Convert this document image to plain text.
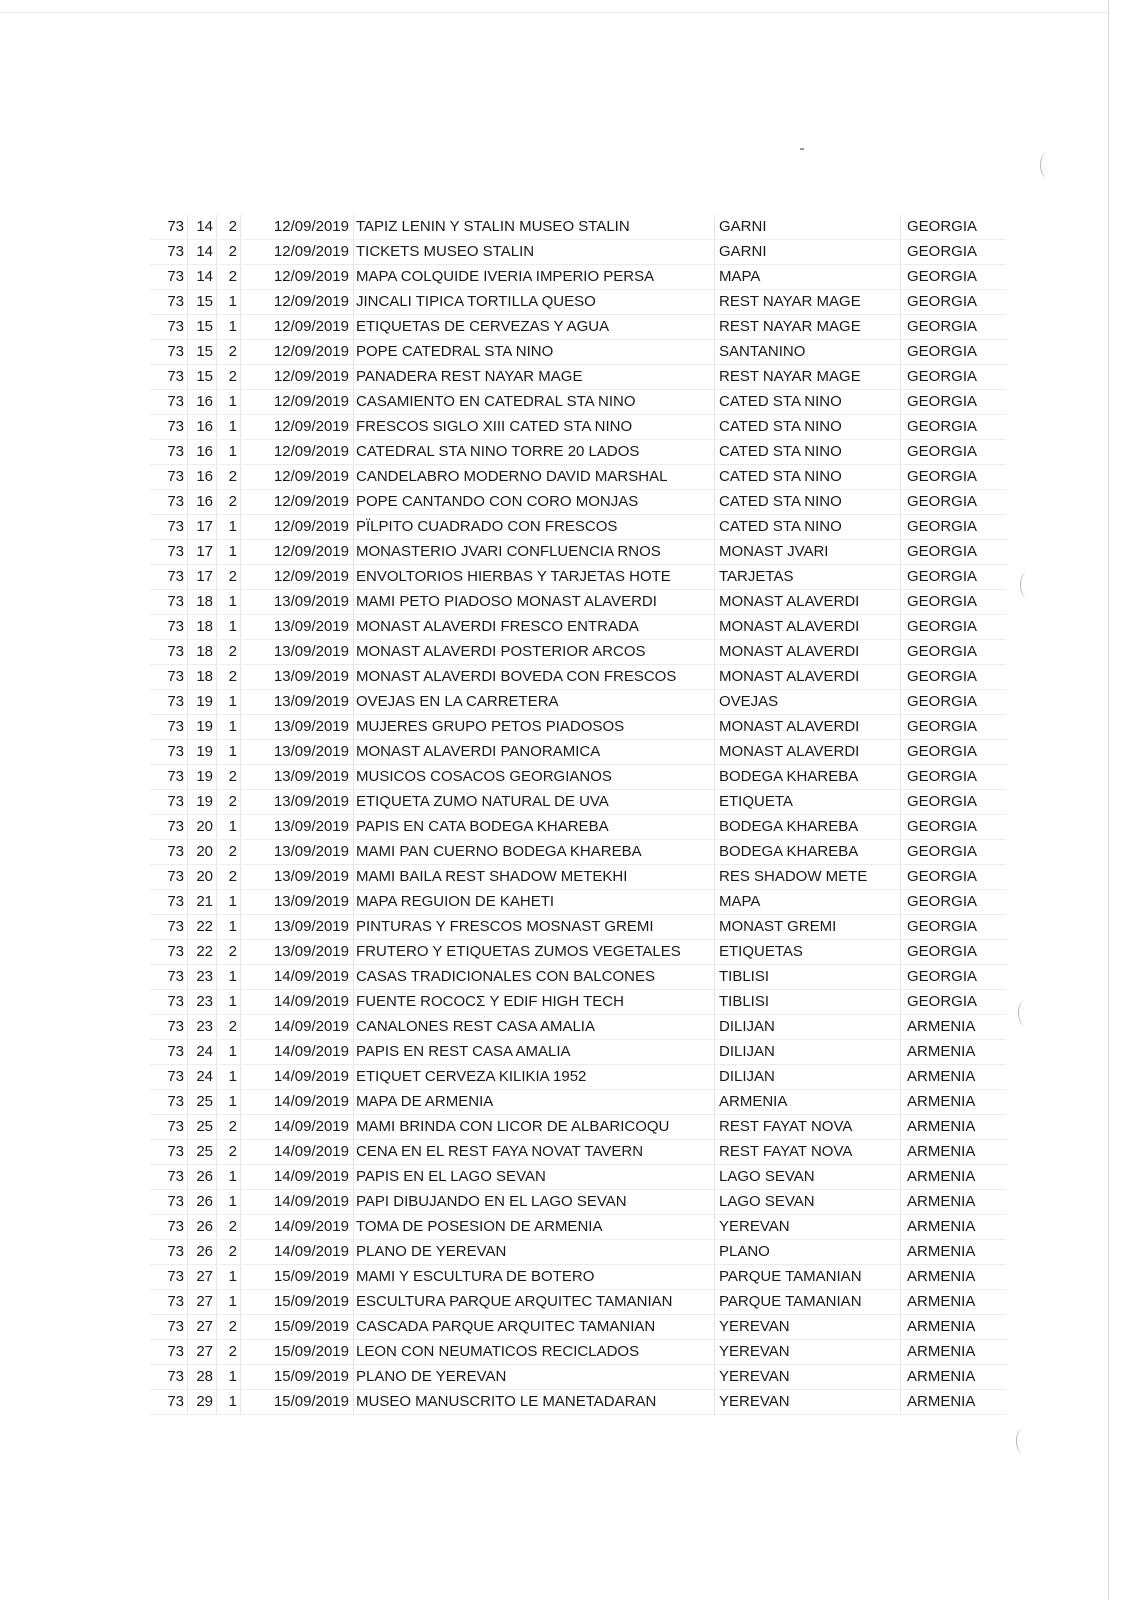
73	14	2	12/09/2019	TAPIZ LENIN Y STALIN MUSEO STALIN	GARNI	GEORGIA
73	14	2	12/09/2019	TICKETS MUSEO STALIN	GARNI	GEORGIA
73	14	2	12/09/2019	MAPA COLQUIDE IVERIA IMPERIO PERSA	MAPA	GEORGIA
73	15	1	12/09/2019	JINCALI TIPICA TORTILLA QUESO	REST NAYAR MAGE	GEORGIA
73	15	1	12/09/2019	ETIQUETAS DE CERVEZAS Y AGUA	REST NAYAR MAGE	GEORGIA
73	15	2	12/09/2019	POPE CATEDRAL STA NINO	SANTANINO	GEORGIA
73	15	2	12/09/2019	PANADERA REST NAYAR MAGE	REST NAYAR MAGE	GEORGIA
73	16	1	12/09/2019	CASAMIENTO EN CATEDRAL STA NINO	CATED STA NINO	GEORGIA
73	16	1	12/09/2019	FRESCOS SIGLO XIII CATED STA NINO	CATED STA NINO	GEORGIA
73	16	1	12/09/2019	CATEDRAL STA NINO TORRE 20 LADOS	CATED STA NINO	GEORGIA
73	16	2	12/09/2019	CANDELABRO MODERNO DAVID MARSHAL	CATED STA NINO	GEORGIA
73	16	2	12/09/2019	POPE CANTANDO CON CORO MONJAS	CATED STA NINO	GEORGIA
73	17	1	12/09/2019	PÏLPITO CUADRADO CON FRESCOS	CATED STA NINO	GEORGIA
73	17	1	12/09/2019	MONASTERIO JVARI CONFLUENCIA RNOS	MONAST JVARI	GEORGIA
73	17	2	12/09/2019	ENVOLTORIOS HIERBAS Y TARJETAS HOTE	TARJETAS	GEORGIA
73	18	1	13/09/2019	MAMI PETO PIADOSO MONAST ALAVERDI	MONAST ALAVERDI	GEORGIA
73	18	1	13/09/2019	MONAST ALAVERDI FRESCO ENTRADA	MONAST ALAVERDI	GEORGIA
73	18	2	13/09/2019	MONAST ALAVERDI POSTERIOR ARCOS	MONAST ALAVERDI	GEORGIA
73	18	2	13/09/2019	MONAST ALAVERDI BOVEDA CON FRESCOS	MONAST ALAVERDI	GEORGIA
73	19	1	13/09/2019	OVEJAS EN LA CARRETERA	OVEJAS	GEORGIA
73	19	1	13/09/2019	MUJERES GRUPO PETOS PIADOSOS	MONAST ALAVERDI	GEORGIA
73	19	1	13/09/2019	MONAST ALAVERDI PANORAMICA	MONAST ALAVERDI	GEORGIA
73	19	2	13/09/2019	MUSICOS COSACOS GEORGIANOS	BODEGA KHAREBA	GEORGIA
73	19	2	13/09/2019	ETIQUETA ZUMO NATURAL DE UVA	ETIQUETA	GEORGIA
73	20	1	13/09/2019	PAPIS EN CATA BODEGA KHAREBA	BODEGA KHAREBA	GEORGIA
73	20	2	13/09/2019	MAMI PAN CUERNO BODEGA KHAREBA	BODEGA KHAREBA	GEORGIA
73	20	2	13/09/2019	MAMI BAILA REST SHADOW METEKHI	RES SHADOW METE	GEORGIA
73	21	1	13/09/2019	MAPA REGUION DE KAHETI	MAPA	GEORGIA
73	22	1	13/09/2019	PINTURAS Y FRESCOS MOSNAST GREMI	MONAST GREMI	GEORGIA
73	22	2	13/09/2019	FRUTERO Y ETIQUETAS ZUMOS VEGETALES	ETIQUETAS	GEORGIA
73	23	1	14/09/2019	CASAS TRADICIONALES CON BALCONES	TIBLISI	GEORGIA
73	23	1	14/09/2019	FUENTE ROCOCΣ Y EDIF HIGH TECH	TIBLISI	GEORGIA
73	23	2	14/09/2019	CANALONES REST CASA AMALIA	DILIJAN	ARMENIA
73	24	1	14/09/2019	PAPIS EN REST CASA AMALIA	DILIJAN	ARMENIA
73	24	1	14/09/2019	ETIQUET CERVEZA KILIKIA 1952	DILIJAN	ARMENIA
73	25	1	14/09/2019	MAPA DE ARMENIA	ARMENIA	ARMENIA
73	25	2	14/09/2019	MAMI BRINDA CON LICOR DE ALBARICOQU	REST FAYAT NOVA	ARMENIA
73	25	2	14/09/2019	CENA EN EL REST FAYA NOVAT TAVERN	REST FAYAT NOVA	ARMENIA
73	26	1	14/09/2019	PAPIS EN EL LAGO SEVAN	LAGO SEVAN	ARMENIA
73	26	1	14/09/2019	PAPI DIBUJANDO EN EL LAGO SEVAN	LAGO SEVAN	ARMENIA
73	26	2	14/09/2019	TOMA DE POSESION DE ARMENIA	YEREVAN	ARMENIA
73	26	2	14/09/2019	PLANO DE YEREVAN	PLANO	ARMENIA
73	27	1	15/09/2019	MAMI Y ESCULTURA DE BOTERO	PARQUE TAMANIAN	ARMENIA
73	27	1	15/09/2019	ESCULTURA PARQUE ARQUITEC TAMANIAN	PARQUE TAMANIAN	ARMENIA
73	27	2	15/09/2019	CASCADA PARQUE ARQUITEC TAMANIAN	YEREVAN	ARMENIA
73	27	2	15/09/2019	LEON CON NEUMATICOS RECICLADOS	YEREVAN	ARMENIA
73	28	1	15/09/2019	PLANO DE YEREVAN	YEREVAN	ARMENIA
73	29	1	15/09/2019	MUSEO MANUSCRITO LE MANETADARAN	YEREVAN	ARMENIA
